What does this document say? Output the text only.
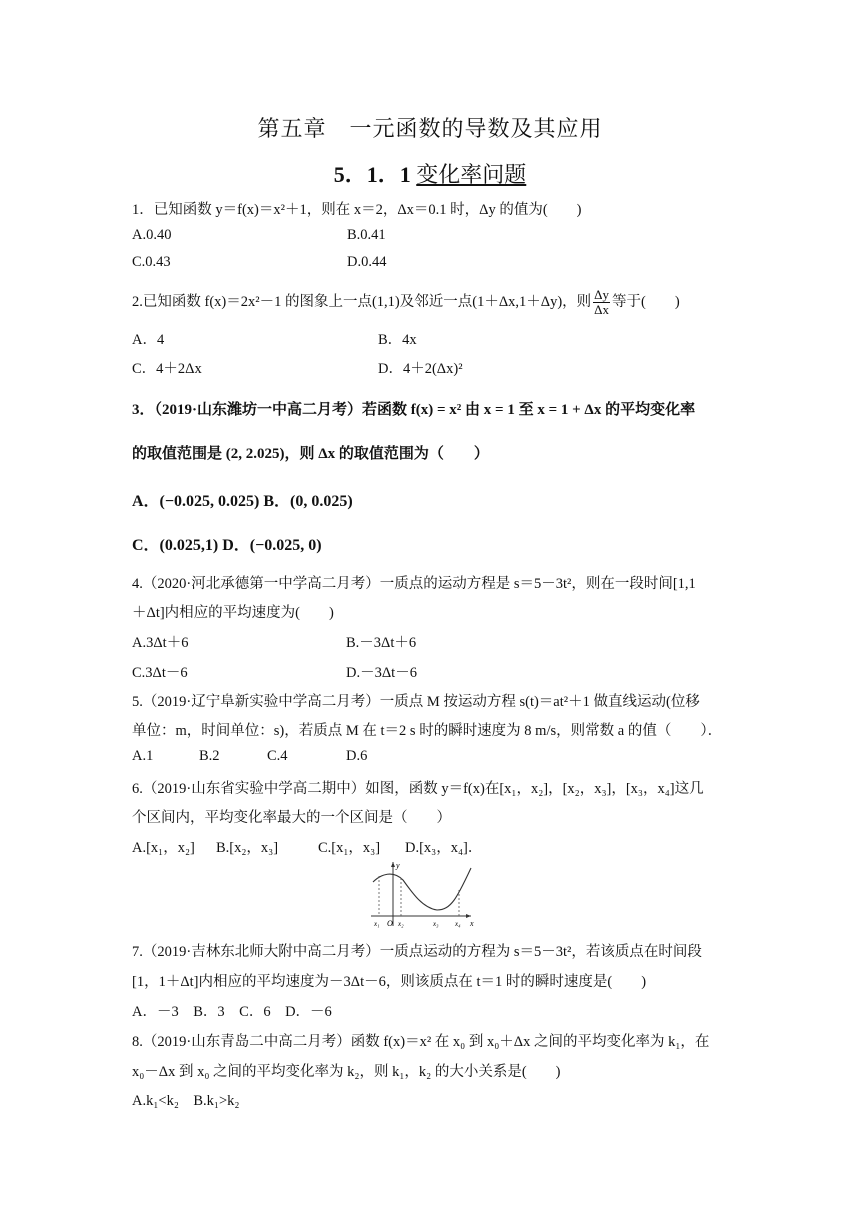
第五章　一元函数的导数及其应用
5．1．1 变化率问题
1．已知函数 y＝f(x)＝x²＋1，则在 x＝2，Δx＝0.1 时，Δy 的值为(　　)
A.0.40	B.0.41
C.0.43	D.0.44
2.已知函数 f(x)＝2x²－1 的图象上一点(1,1)及邻近一点(1＋Δx,1＋Δy)，则 $\frac{\Delta y}{\Delta x}$ 等于(　　)
A．4	B．4x
C．4＋2Δx	D．4＋2(Δx)²
3．（2019·山东潍坊一中高二月考）若函数 f(x) = x² 由 x = 1 至 x = 1 + Δx 的平均变化率
的取值范围是 (2, 2.025)，则 Δx 的取值范围为（　　）
A．(−0.025, 0.025) B．(0, 0.025)
C．(0.025,1) D．(−0.025, 0)
4.（2020·河北承德第一中学高二月考）一质点的运动方程是 s＝5－3t²，则在一段时间[1,1
＋Δt]内相应的平均速度为(　　)
A.3Δt＋6	B.－3Δt＋6
C.3Δt－6	D.－3Δt－6
5.（2019·辽宁阜新实验中学高二月考）一质点 M 按运动方程 s(t)＝at²＋1 做直线运动(位移
单位：m，时间单位：s)，若质点 M 在 t＝2 s 时的瞬时速度为 8 m/s，则常数 a 的值（　　）．
A.1	B.2	C.4	D.6
6.（2019·山东省实验中学高二期中）如图，函数 y＝f(x)在[x₁，x₂]，[x₂，x₃]，[x₃，x₄]这几
个区间内，平均变化率最大的一个区间是（　　）
A.[x₁，x₂] B.[x₂，x₃]	C.[x₁，x₃] D.[x₃，x₄]．
y
x
O
x₁	x₂	x₃ x₄
7.（2019·吉林东北师大附中高二月考）一质点运动的方程为 s＝5－3t²，若该质点在时间段
[1，1＋Δt]内相应的平均速度为－3Δt－6，则该质点在 t＝1 时的瞬时速度是(　　)
A．－3　B．3　C．6　D．－6
8.（2019·山东青岛二中高二月考）函数 f(x)＝x² 在 x₀ 到 x₀＋Δx 之间的平均变化率为 k₁，在
x₀－Δx 到 x₀ 之间的平均变化率为 k₂，则 k₁，k₂ 的大小关系是(　　)
A.k₁<k₂　B.k₁>k₂
